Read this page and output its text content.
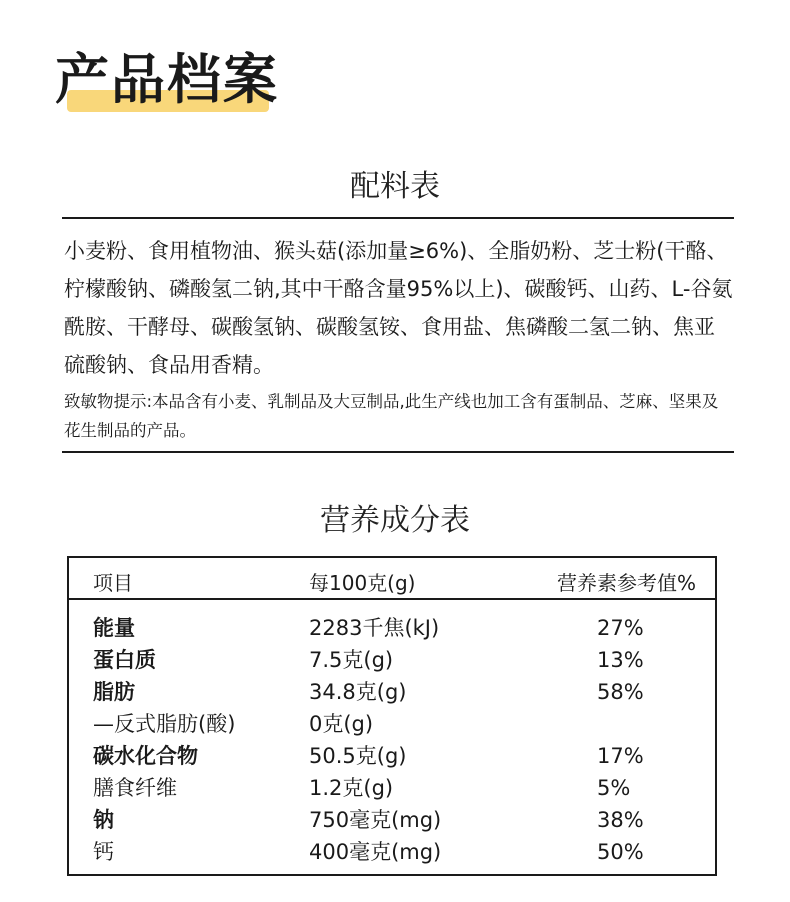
产品档案
配料表
小麦粉、食用植物油、猴头菇(添加量≥6%)、全脂奶粉、芝士粉(干酪、柠檬酸钠、磷酸氢二钠,其中干酪含量95%以上)、碳酸钙、山药、L-谷氨酰胺、干酵母、碳酸氢钠、碳酸氢铵、食用盐、焦磷酸二氢二钠、焦亚硫酸钠、食品用香精。
致敏物提示:本品含有小麦、乳制品及大豆制品,此生产线也加工含有蛋制品、芝麻、坚果及花生制品的产品。
营养成分表
项目	每100克(g)	营养素参考值%
能量	2283千焦(kJ)	27%
蛋白质	7.5克(g)	13%
脂肪	34.8克(g)	58%
—反式脂肪(酸)	0克(g)
碳水化合物	50.5克(g)	17%
膳食纤维	1.2克(g)	5%
钠	750毫克(mg)	38%
钙	400毫克(mg)	50%
